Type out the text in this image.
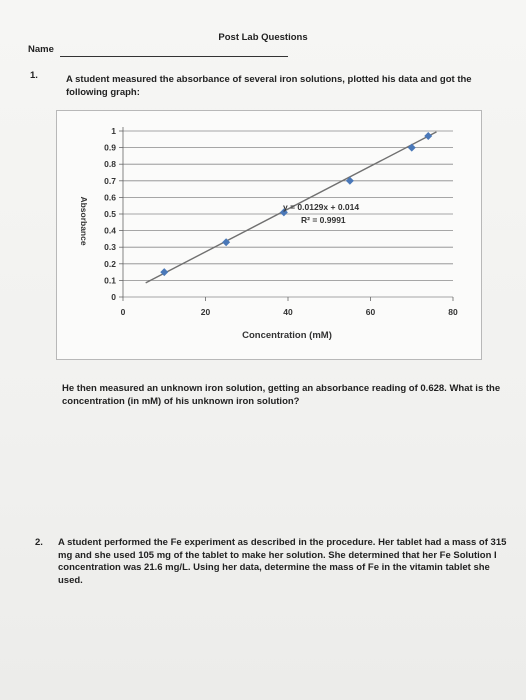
Post Lab Questions
Name
1.	A student measured the absorbance of several iron solutions, plotted his data and got the following graph:
0
0.1
0.2
0.3
0.4
0.5
0.6
0.7
0.8
0.9
1
0	20	40	60	80
y = 0.0129x + 0.014
R² = 0.9991
Concentration (mM)
Absorbance
He then measured an unknown iron solution, getting an absorbance reading of 0.628. What is the concentration (in mM) of his unknown iron solution?
2. A student performed the Fe experiment as described in the procedure. Her tablet had a mass of 315 mg and she used 105 mg of the tablet to make her solution. She determined that her Fe Solution I concentration was 21.6 mg/L. Using her data, determine the mass of Fe in the vitamin tablet she used.
